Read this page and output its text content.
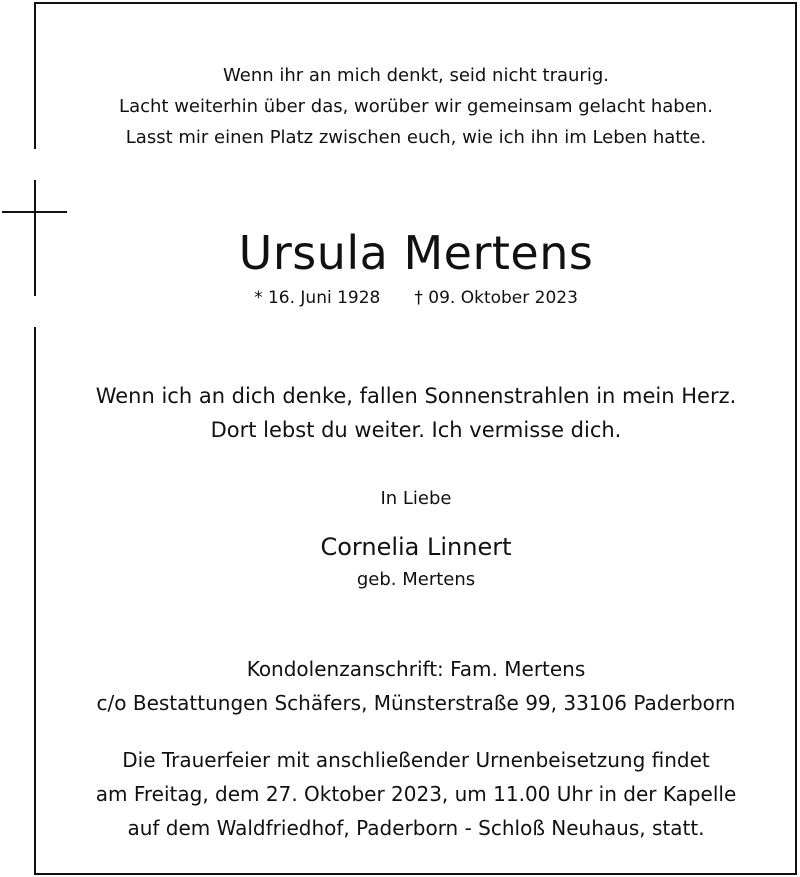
Wenn ihr an mich denkt, seid nicht traurig.
Lacht weiterhin über das, worüber wir gemeinsam gelacht haben.
Lasst mir einen Platz zwischen euch, wie ich ihn im Leben hatte.
Ursula Mertens
* 16. Juni 1928 † 09. Oktober 2023
Wenn ich an dich denke, fallen Sonnenstrahlen in mein Herz.
Dort lebst du weiter. Ich vermisse dich.
In Liebe
Cornelia Linnert
geb. Mertens
Kondolenzanschrift: Fam. Mertens
c/o Bestattungen Schäfers, Münsterstraße 99, 33106 Paderborn
Die Trauerfeier mit anschließender Urnenbeisetzung findet
am Freitag, dem 27. Oktober 2023, um 11.00 Uhr in der Kapelle
auf dem Waldfriedhof, Paderborn - Schloß Neuhaus, statt.
